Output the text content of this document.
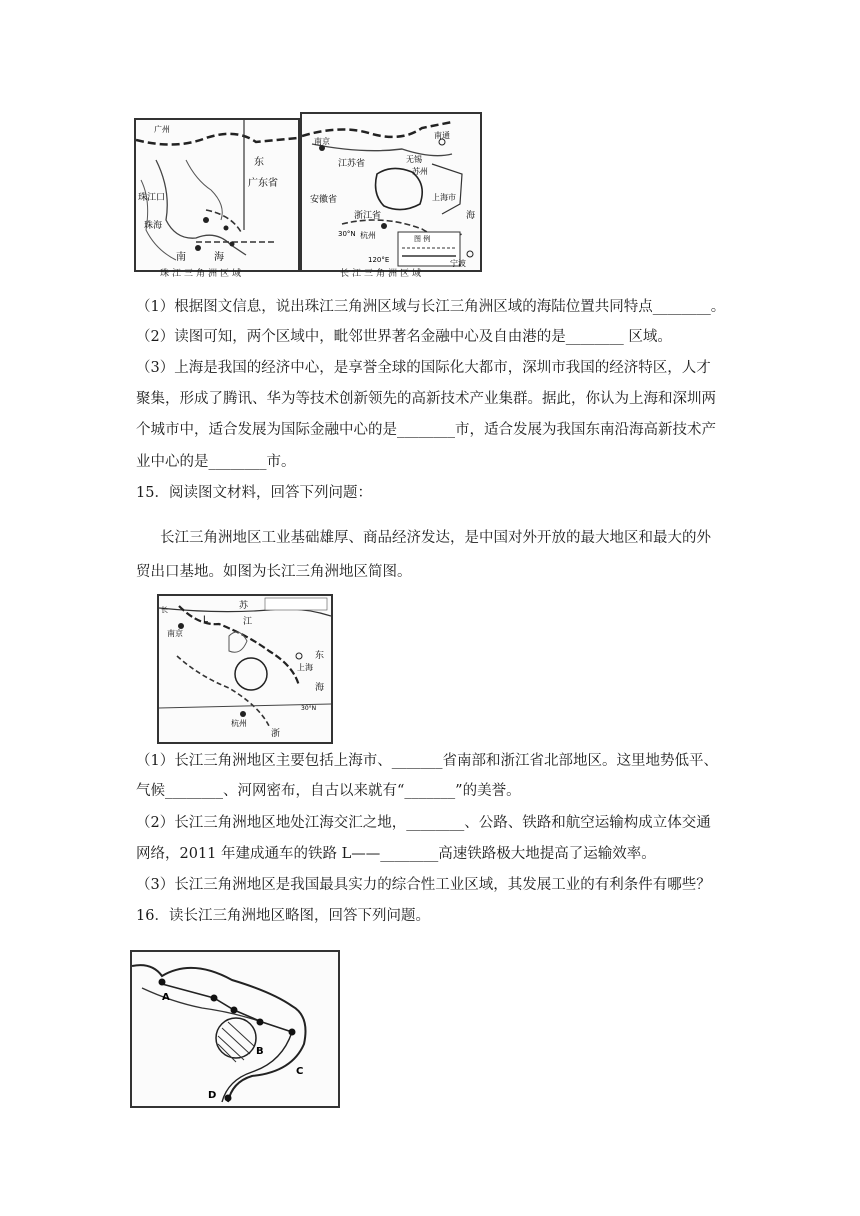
广州
东
广东省
珠江口
珠海
南	海
珠江三角洲区域
图 例
南京
南通
江苏省	无锡
苏州
上海市
安徽省
浙江省
杭州
宁波
30°N
120°E
海
长江三角洲区域
（1）根据图文信息，说出珠江三角洲区域与长江三角洲区域的海陆位置共同特点________。
（2）读图可知，两个区域中，毗邻世界著名金融中心及自由港的是________ 区域。
（3）上海是我国的经济中心，是享誉全球的国际化大都市，深圳市我国的经济特区，人才
聚集，形成了腾讯、华为等技术创新领先的高新技术产业集群。据此，你认为上海和深圳两
个城市中，适合发展为国际金融中心的是________市，适合发展为我国东南沿海高新技术产
业中心的是________市。
15．阅读图文材料，回答下列问题：
长江三角洲地区工业基础雄厚、商品经济发达，是中国对外开放的最大地区和最大的外
贸出口基地。如图为长江三角洲地区简图。
长
南京
L
苏
江
上海
东
海
杭州
浙
30°N
（1）长江三角洲地区主要包括上海市、_______省南部和浙江省北部地区。这里地势低平、
气候________、河网密布，自古以来就有“_______”的美誉。
（2）长江三角洲地区地处江海交汇之地，________、公路、铁路和航空运输构成立体交通
网络，2011 年建成通车的铁路 L——________高速铁路极大地提高了运输效率。
（3）长江三角洲地区是我国最具实力的综合性工业区域，其发展工业的有利条件有哪些？
16．读长江三角洲地区略图，回答下列问题。
A
B
C
D
